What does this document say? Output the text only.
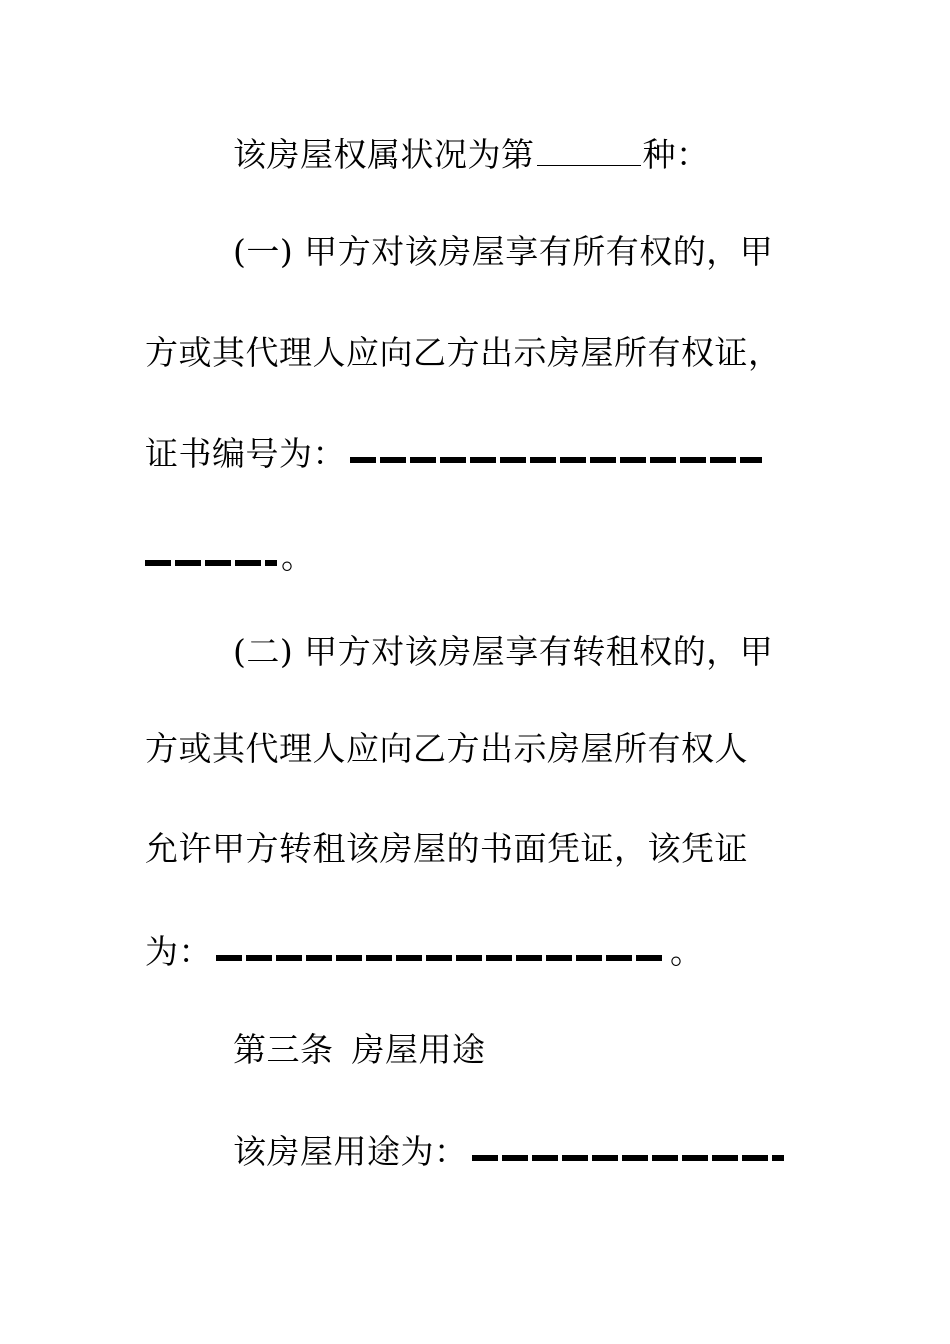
该房屋权属状况为第	种：
(一) 甲方对该房屋享有所有权的，甲
方或其代理人应向乙方出示房屋所有权证，
证书编号为：
。
(二) 甲方对该房屋享有转租权的，甲
方或其代理人应向乙方出示房屋所有权人
允许甲方转租该房屋的书面凭证，该凭证
为：	。
第三条 房屋用途
该房屋用途为：
